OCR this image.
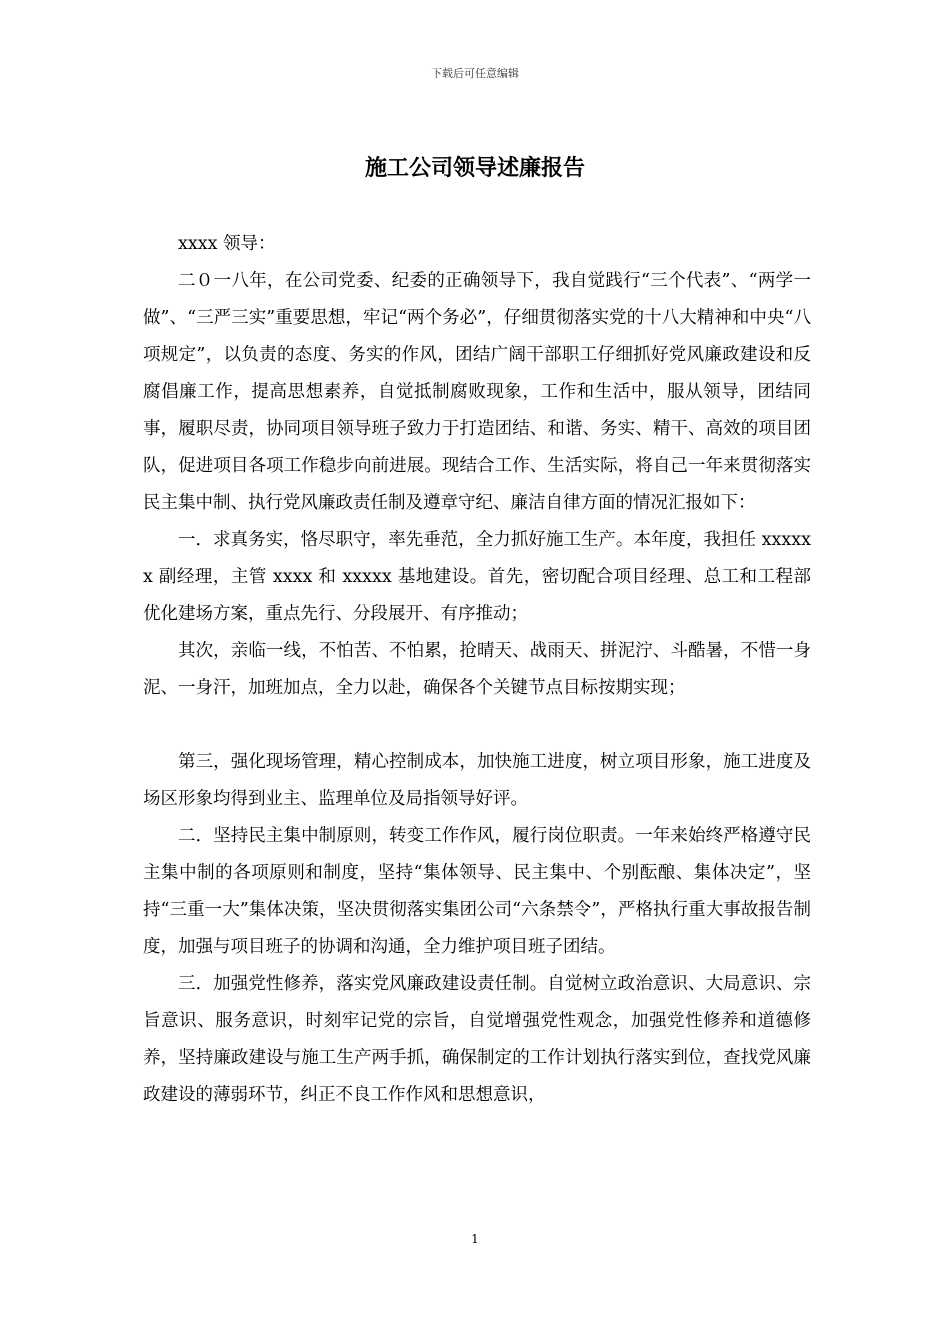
下载后可任意编辑
施工公司领导述廉报告

xxxx 领导：

二０一八年，在公司党委、纪委的正确领导下，我自觉践行“三个代表”、“两学一做”、“三严三实”重要思想，牢记“两个务必”，仔细贯彻落实党的十八大精神和中央“八项规定”，以负责的态度、务实的作风，团结广阔干部职工仔细抓好党风廉政建设和反腐倡廉工作，提高思想素养，自觉抵制腐败现象，工作和生活中，服从领导，团结同事，履职尽责，协同项目领导班子致力于打造团结、和谐、务实、精干、高效的项目团队，促进项目各项工作稳步向前进展。现结合工作、生活实际，将自己一年来贯彻落实民主集中制、执行党风廉政责任制及遵章守纪、廉洁自律方面的情况汇报如下：

一．求真务实，恪尽职守，率先垂范，全力抓好施工生产。本年度，我担任 xxxxxx 副经理，主管 xxxx 和 xxxxx 基地建设。首先，密切配合项目经理、总工和工程部优化建场方案，重点先行、分段展开、有序推动；

其次，亲临一线，不怕苦、不怕累，抢晴天、战雨天、拼泥泞、斗酷暑，不惜一身泥、一身汗，加班加点，全力以赴，确保各个关键节点目标按期实现；

第三，强化现场管理，精心控制成本，加快施工进度，树立项目形象，施工进度及场区形象均得到业主、监理单位及局指领导好评。

二．坚持民主集中制原则，转变工作作风，履行岗位职责。一年来始终严格遵守民主集中制的各项原则和制度，坚持“集体领导、民主集中、个别酝酿、集体决定”，坚持“三重一大”集体决策，坚决贯彻落实集团公司“六条禁令”，严格执行重大事故报告制度，加强与项目班子的协调和沟通，全力维护项目班子团结。

三．加强党性修养，落实党风廉政建设责任制。自觉树立政治意识、大局意识、宗旨意识、服务意识，时刻牢记党的宗旨，自觉增强党性观念，加强党性修养和道德修养，坚持廉政建设与施工生产两手抓，确保制定的工作计划执行落实到位，查找党风廉政建设的薄弱环节，纠正不良工作作风和思想意识，

1
